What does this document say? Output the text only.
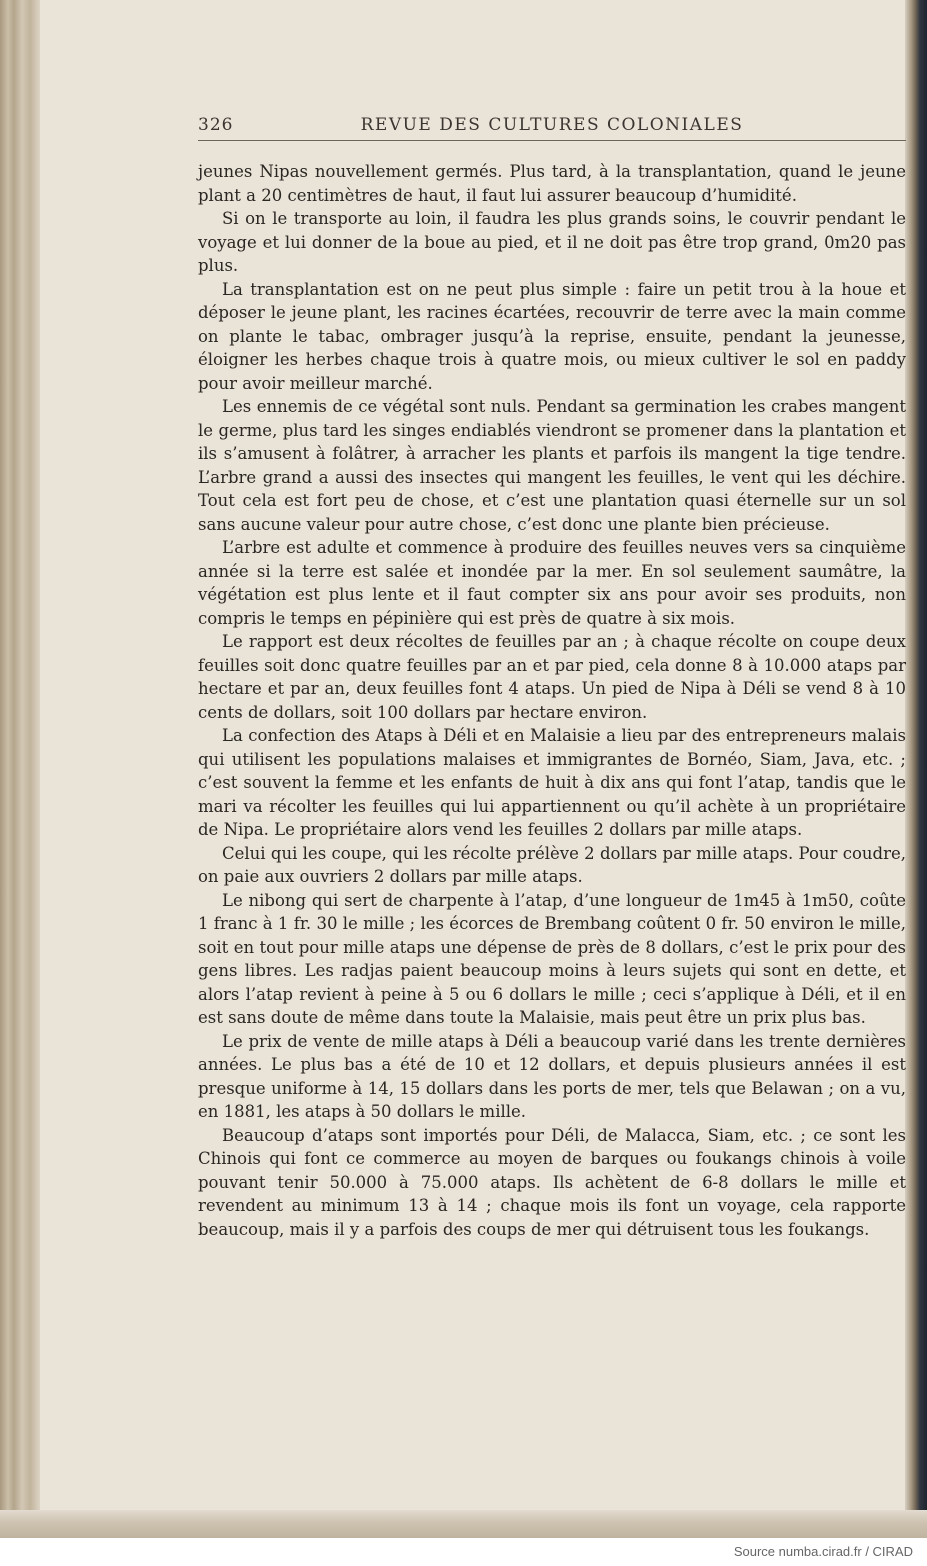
326	REVUE DES CULTURES COLONIALES

jeunes Nipas nouvellement germés. Plus tard, à la transplantation, quand le jeune plant a 20 centimètres de haut, il faut lui assurer beaucoup d’humidité.

Si on le transporte au loin, il faudra les plus grands soins, le couvrir pendant le voyage et lui donner de la boue au pied, et il ne doit pas être trop grand, 0m20 pas plus.

La transplantation est on ne peut plus simple : faire un petit trou à la houe et déposer le jeune plant, les racines écartées, recouvrir de terre avec la main comme on plante le tabac, ombrager jusqu’à la reprise, ensuite, pendant la jeunesse, éloigner les herbes chaque trois à quatre mois, ou mieux cultiver le sol en paddy pour avoir meilleur marché.

Les ennemis de ce végétal sont nuls. Pendant sa germination les crabes mangent le germe, plus tard les singes endiablés viendront se promener dans la plantation et ils s’amusent à folâtrer, à arracher les plants et parfois ils mangent la tige tendre. L’arbre grand a aussi des insectes qui mangent les feuilles, le vent qui les déchire. Tout cela est fort peu de chose, et c’est une plantation quasi éternelle sur un sol sans aucune valeur pour autre chose, c’est donc une plante bien précieuse.

L’arbre est adulte et commence à produire des feuilles neuves vers sa cinquième année si la terre est salée et inondée par la mer. En sol seulement saumâtre, la végétation est plus lente et il faut compter six ans pour avoir ses produits, non compris le temps en pépinière qui est près de quatre à six mois.

Le rapport est deux récoltes de feuilles par an ; à chaque récolte on coupe deux feuilles soit donc quatre feuilles par an et par pied, cela donne 8 à 10.000 ataps par hectare et par an, deux feuilles font 4 ataps. Un pied de Nipa à Déli se vend 8 à 10 cents de dollars, soit 100 dollars par hectare environ.

La confection des Ataps à Déli et en Malaisie a lieu par des entrepreneurs malais qui utilisent les populations malaises et immigrantes de Bornéo, Siam, Java, etc. ; c’est souvent la femme et les enfants de huit à dix ans qui font l’atap, tandis que le mari va récolter les feuilles qui lui appartiennent ou qu’il achète à un propriétaire de Nipa. Le propriétaire alors vend les feuilles 2 dollars par mille ataps.

Celui qui les coupe, qui les récolte prélève 2 dollars par mille ataps. Pour coudre, on paie aux ouvriers 2 dollars par mille ataps.

Le nibong qui sert de charpente à l’atap, d’une longueur de 1m45 à 1m50, coûte 1 franc à 1 fr. 30 le mille ; les écorces de Brembang coûtent 0 fr. 50 environ le mille, soit en tout pour mille ataps une dépense de près de 8 dollars, c’est le prix pour des gens libres. Les radjas paient beaucoup moins à leurs sujets qui sont en dette, et alors l’atap revient à peine à 5 ou 6 dollars le mille ; ceci s’applique à Déli, et il en est sans doute de même dans toute la Malaisie, mais peut être un prix plus bas.

Le prix de vente de mille ataps à Déli a beaucoup varié dans les trente dernières années. Le plus bas a été de 10 et 12 dollars, et depuis plusieurs années il est presque uniforme à 14, 15 dollars dans les ports de mer, tels que Belawan ; on a vu, en 1881, les ataps à 50 dollars le mille.

Beaucoup d’ataps sont importés pour Déli, de Malacca, Siam, etc. ; ce sont les Chinois qui font ce commerce au moyen de barques ou foukangs chinois à voile pouvant tenir 50.000 à 75.000 ataps. Ils achètent de 6-8 dollars le mille et revendent au minimum 13 à 14 ; chaque mois ils font un voyage, cela rapporte beaucoup, mais il y a parfois des coups de mer qui détruisent tous les foukangs.

Source numba.cirad.fr / CIRAD
